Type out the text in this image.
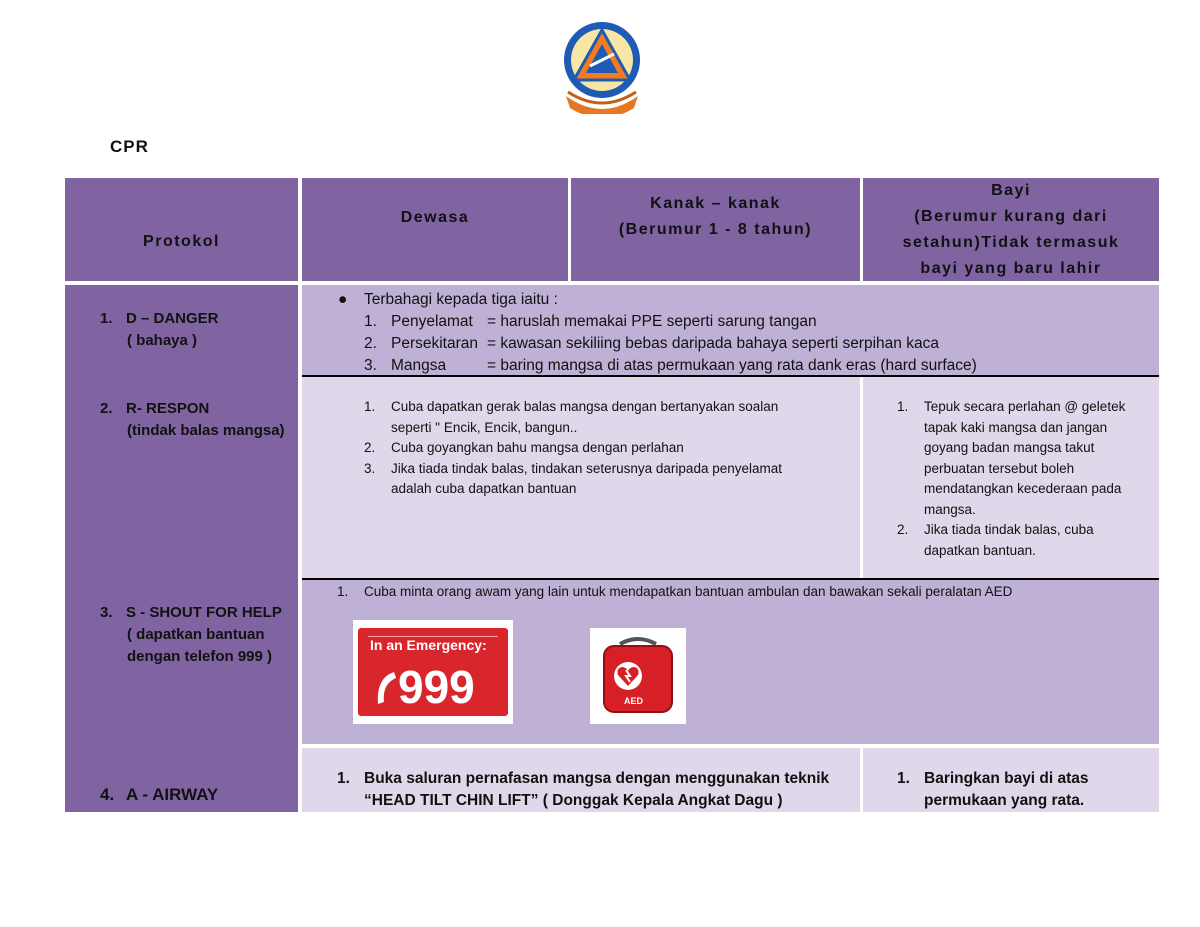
CPR
Protokol
Dewasa
Kanak – kanak
(Berumur 1 - 8 tahun)
Bayi
(Berumur kurang dari
setahun)Tidak termasuk
bayi yang baru lahir
1. D – DANGER
( bahaya )
2. R- RESPON
(tindak balas mangsa)
3. S - SHOUT FOR HELP
( dapatkan bantuan
dengan telefon 999 )
4. A - AIRWAY
● Terbahagi kepada tiga iaitu :
1. Penyelamat = haruslah memakai PPE seperti sarung tangan
2. Persekitaran = kawasan sekiliing bebas daripada bahaya seperti serpihan kaca
3. Mangsa	= baring mangsa di atas permukaan yang rata dank eras (hard surface)
1. Cuba dapatkan gerak balas mangsa dengan bertanyakan soalan
seperti " Encik, Encik, bangun..
2. Cuba goyangkan bahu mangsa dengan perlahan
3. Jika tiada tindak balas, tindakan seterusnya daripada penyelamat
adalah cuba dapatkan bantuan
1. Tepuk secara perlahan @ geletek
tapak kaki mangsa dan jangan
goyang badan mangsa takut
perbuatan tersebut boleh
mendatangkan kecederaan pada
mangsa.
2. Jika tiada tindak balas, cuba
dapatkan bantuan.
1. Cuba minta orang awam yang lain untuk mendapatkan bantuan ambulan dan bawakan sekali peralatan AED
In an Emergency:
999	AED
1. Buka saluran pernafasan mangsa dengan menggunakan teknik
“HEAD TILT CHIN LIFT” ( Donggak Kepala Angkat Dagu )
1. Baringkan bayi di atas
permukaan yang rata.
